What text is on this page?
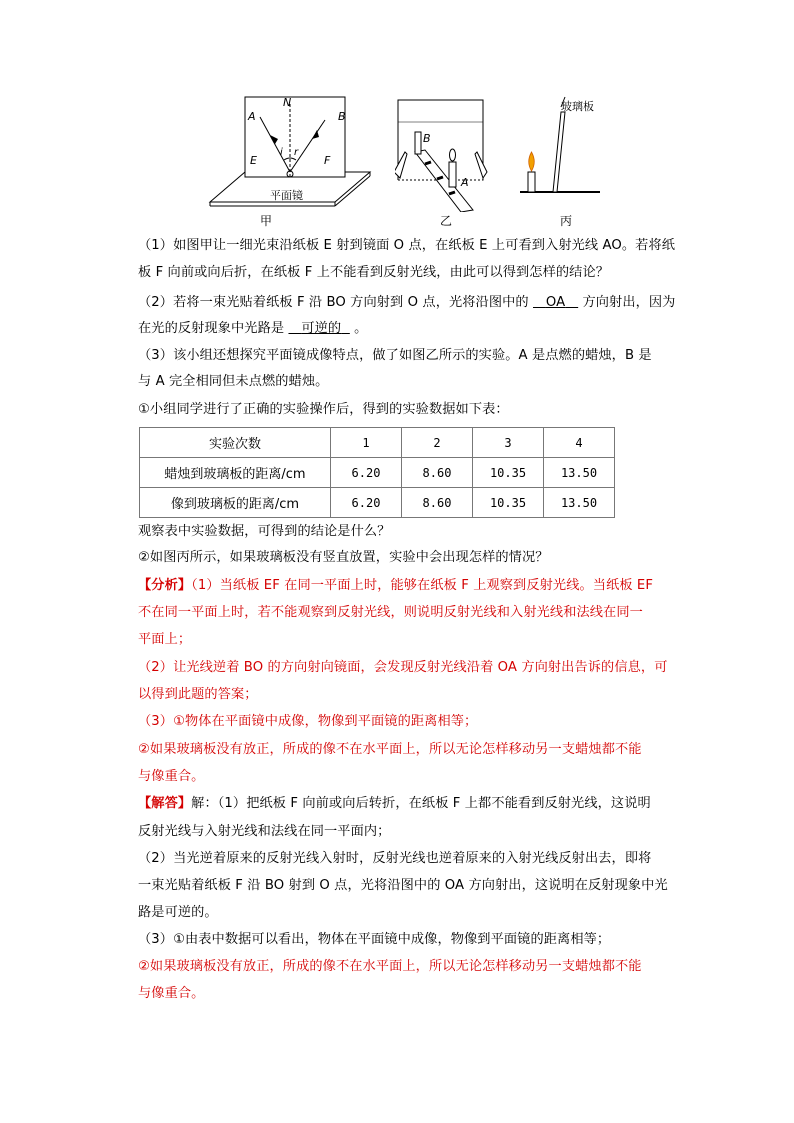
N
A	B
E	F
i r
平面镜
B
A
玻璃板
甲	乙	丙
（1）如图甲让一细光束沿纸板 E 射到镜面 O 点，在纸板 E 上可看到入射光线 AO。若将纸
板 F 向前或向后折，在纸板 F 上不能看到反射光线，由此可以得到怎样的结论？
（2）若将一束光贴着纸板 F 沿 BO 方向射到 O 点，光将沿图中的 OA 方向射出，因为
在光的反射现象中光路是 可逆的 。
（3）该小组还想探究平面镜成像特点，做了如图乙所示的实验。A 是点燃的蜡烛，B 是
与 A 完全相同但未点燃的蜡烛。
①小组同学进行了正确的实验操作后，得到的实验数据如下表：
实验次数	1	2	3	4
蜡烛到玻璃板的距离/cm	6.20	8.60	10.35	13.50
像到玻璃板的距离/cm	6.20	8.60	10.35	13.50
观察表中实验数据，可得到的结论是什么？
②如图丙所示，如果玻璃板没有竖直放置，实验中会出现怎样的情况？
【分析】（1）当纸板 EF 在同一平面上时，能够在纸板 F 上观察到反射光线。当纸板 EF
不在同一平面上时，若不能观察到反射光线，则说明反射光线和入射光线和法线在同一
平面上；
（2）让光线逆着 BO 的方向射向镜面，会发现反射光线沿着 OA 方向射出告诉的信息，可
以得到此题的答案；
（3）①物体在平面镜中成像，物像到平面镜的距离相等；
②如果玻璃板没有放正，所成的像不在水平面上，所以无论怎样移动另一支蜡烛都不能
与像重合。
【解答】解：（1）把纸板 F 向前或向后转折，在纸板 F 上都不能看到反射光线，这说明
反射光线与入射光线和法线在同一平面内；
（2）当光逆着原来的反射光线入射时，反射光线也逆着原来的入射光线反射出去，即将
一束光贴着纸板 F 沿 BO 射到 O 点，光将沿图中的 OA 方向射出，这说明在反射现象中光
路是可逆的。
（3）①由表中数据可以看出，物体在平面镜中成像，物像到平面镜的距离相等；
②如果玻璃板没有放正，所成的像不在水平面上，所以无论怎样移动另一支蜡烛都不能
与像重合。
